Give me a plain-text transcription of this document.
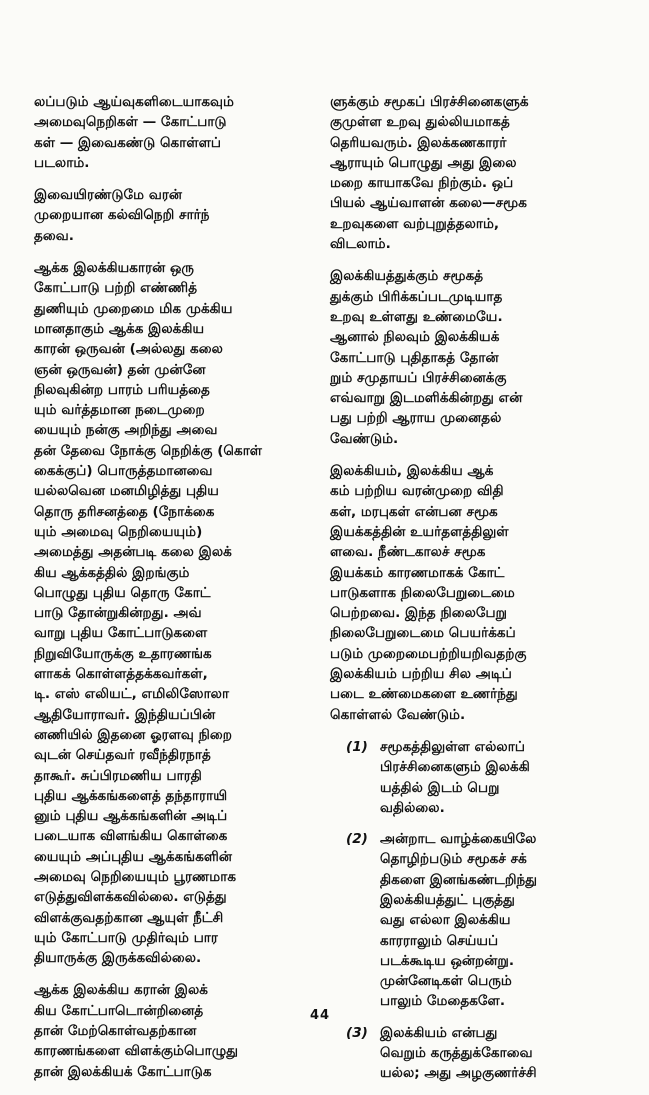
லப்படும் ஆய்வுகளிடையாகவும்
அமைவுநெறிகள் — கோட்பாடு
கள் — இவைகண்டு கொள்ளப்
படலாம்.

இவையிரண்டுமே வரன்
முறையான கல்விநெறி சார்ந்
தவை.

ஆக்க இலக்கியகாரன் ஒரு
கோட்பாடு பற்றி எண்ணித்
துணியும் முறைமை மிக முக்கிய
மானதாகும் ஆக்க இலக்கிய
காரன் ஒருவன் (அல்லது கலை
ஞன் ஒருவன்) தன் முன்னே
நிலவுகின்ற பாரம் பரியத்தை
யும் வர்த்தமான நடைமுறை
யையும் நன்கு அறிந்து அவை
தன் தேவை நோக்கு நெறிக்கு (கொள்
கைக்குப்) பொருத்தமானவை
யல்லவென மனமிழித்து புதிய
தொரு தரிசனத்தை (நோக்கை
யும் அமைவு நெறியையும்)
அமைத்து அதன்படி கலை இலக்
கிய ஆக்கத்தில் இறங்கும்
பொழுது புதிய தொரு கோட்
பாடு தோன்றுகின்றது. அவ்
வாறு புதிய கோட்பாடுகளை
நிறுவியோருக்கு உதாரணங்க
ளாகக் கொள்ளத்தக்கவர்கள்,
டி. எஸ் எலியட், எமிலிஸோலா
ஆதியோராவர். இந்தியப்பின்
னணியில் இதனை ஓரளவு நிறை
வுடன் செய்தவர் ரவீந்திரநாத்
தாகூர். சுப்பிரமணிய பாரதி
புதிய ஆக்கங்களைத் தந்தாராயி
னும் புதிய ஆக்கங்களின் அடிப்
படையாக விளங்கிய கொள்கை
யையும் அப்புதிய ஆக்கங்களின்
அமைவு நெறியையும் பூரணமாக
எடுத்துவிளக்கவில்லை. எடுத்து
விளக்குவதற்கான ஆயுள் நீட்சி
யும் கோட்பாடு முதிர்வும் பார
தியாருக்கு இருக்கவில்லை.

ஆக்க இலக்கிய கரான் இலக்
கிய கோட்பாடொன்றினைத்
தான் மேற்கொள்வதற்கான
காரணங்களை விளக்கும்பொழுது
தான் இலக்கியக் கோட்பாடுக

ளுக்கும் சமூகப் பிரச்சினைகளுக்
குமுள்ள உறவு துல்லியமாகத்
தெரியவரும். இலக்கணகாரர்
ஆராயும் பொழுது அது இலை
மறை காயாகவே நிற்கும். ஒப்
பியல் ஆய்வாளன் கலை—சமூக
உறவுகளை வற்புறுத்தலாம்,
விடலாம்.

இலக்கியத்துக்கும் சமூகத்
துக்கும் பிரிக்கப்படமுடியாத
உறவு உள்ளது உண்மையே.
ஆனால் நிலவும் இலக்கியக்
கோட்பாடு புதிதாகத் தோன்
றும் சமுதாயப் பிரச்சினைக்கு
எவ்வாறு இடமளிக்கின்றது என்
பது பற்றி ஆராய முனைதல்
வேண்டும்.

இலக்கியம், இலக்கிய ஆக்
கம் பற்றிய வரன்முறை விதி
கள், மரபுகள் என்பன சமூக
இயக்கத்தின் உயர்தளத்திலுள்
ளவை. நீண்டகாலச் சமூக
இயக்கம் காரணமாகக் கோட்
பாடுகளாக நிலைபேறுடைமை
பெற்றவை. இந்த நிலைபேறு
நிலைபேறுடைமை பெயர்க்கப்
படும் முறைமைபற்றியறிவதற்கு
இலக்கியம் பற்றிய சில அடிப்
படை உண்மைகளை உணர்ந்து
கொள்ளல் வேண்டும்.

(1) சமூகத்திலுள்ள எல்லாப்
பிரச்சினைகளும் இலக்கி
யத்தில் இடம் பெறு
வதில்லை.
(2) அன்றாட வாழ்க்கையிலே
தொழிற்படும் சமூகச் சக்
திகளை இனங்கண்டறிந்து
இலக்கியத்துட் புகுத்து
வது எல்லா இலக்கிய
காரராலும் செய்யப்
படக்கூடிய ஒன்றன்று.
முன்னேடிகள் பெரும்
பாலும் மேதைகளே.
(3) இலக்கியம் என்பது
வெறும் கருத்துக்கோவை
யல்ல; அது அழகுணர்ச்சி
44
